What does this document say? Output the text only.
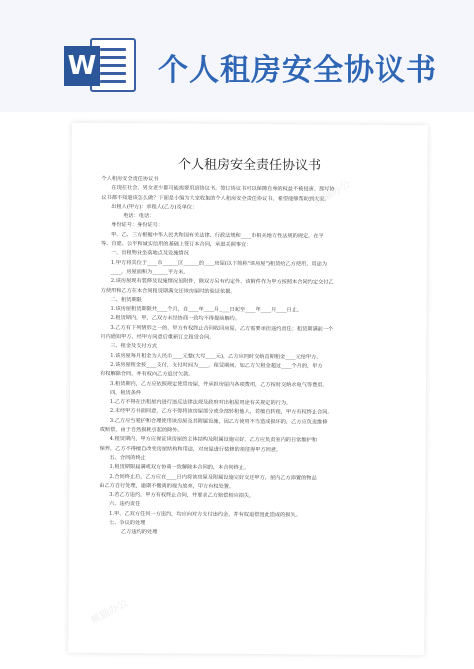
W 个人租房安全协议书
个人租房安全责任协议书

个人租房安全责任协议书

在现在社会，男女老少都可能需要用到协议书。签订协议书可以保障自身的权益不被侵害。那写协

议书都不知道该怎么做？下面是小编为大家收集的个人租房安全责任协议书，希望能够帮助到大家。

出租人(甲方)：承租人(乙方)及单位：

电话：电话：

身份证号：身份证号：

甲、乙、三方根据中华人民共和国有关法律、行政法规和____市相关地方性法规的规定，在平

等、自愿、公平和诚实信用的基础上签订本合同，承进关照事宜：

一、出租物业坐落地点及设施情况

1.甲方将其位于____市______区______的____房屋(以下简称"该房屋")租赁给乙方使用，用途为

____，房屋面积为______平方米。

2.该房屋现有装修及设施情况见附件，除双方另有约定外，该附件作为甲方按照本合同约定交付乙

方使用和乙方在本合同租赁期满交还该房屋时的验证依据。

二、租赁期限

1.该房屋租赁期限共____个月，自____年____月____日起至____年____月____日止。

2.租赁期内，甲、乙双方未经协商一致均不得提前解约。

3.乙方有下列情形之一的，甲方有权终止合同收回房屋，乙方需要承担违约责任；租赁期满前一个

月内通知甲方，经甲方同意后重新订立租赁合同。

三、租金及支付方式

1.该房屋每月租金为人民币____元整(大写____元)，乙方应同时交纳首期租金____元给甲方。

2.该房屋租金按____支付，支付时间为____。租赁期间，如乙方欠租金超过____个月的，甲方

有权解除合同，并有权向乙方追讨欠款。

3.租赁期内，乙方应依照规定使用房屋，并承担房屋内各项费用，乙方按时交纳水电气等费用。

四、租赁条件

1.乙方不得在出租屋内进行违反法律法规及政府对出租屋用途有关规定的行为。

2.未经甲方书面同意，乙方不得将该房屋部分或全部转租他人，若擅自转租，甲方有权终止合同。

3.乙方应当爱护和合理使用该房屋及其附属设施，因乙方使用不当造成损坏的，乙方应负责维修

或赔偿，由于自然损耗引起的除外。

4.租赁期内，甲方应保证该房屋的主体结构及附属设施完好，乙方应负责室内的日常维护和

保养，乙方不得擅自改变房屋结构和用途，对房屋进行装修的须征得甲方同意。

五、合同的终止

1.租赁期限届满或双方协商一致解除本合同的，本合同终止。

2.合同终止后，乙方应在____日内将该房屋及附属设施完好交还甲方，屋内乙方添置的物品

由乙方自行处理，逾期不搬离的视为放弃，甲方有权处置。

3.若乙方违约，甲方有权终止合同，并要求乙方赔偿相应损失。

六、违约责任

1.甲、乙双方任何一方违约，均应向对方支付违约金，并有权追偿因此造成的损失。

七、争议的处理

乙方违约的处理

熊猫办公
熊猫办公
